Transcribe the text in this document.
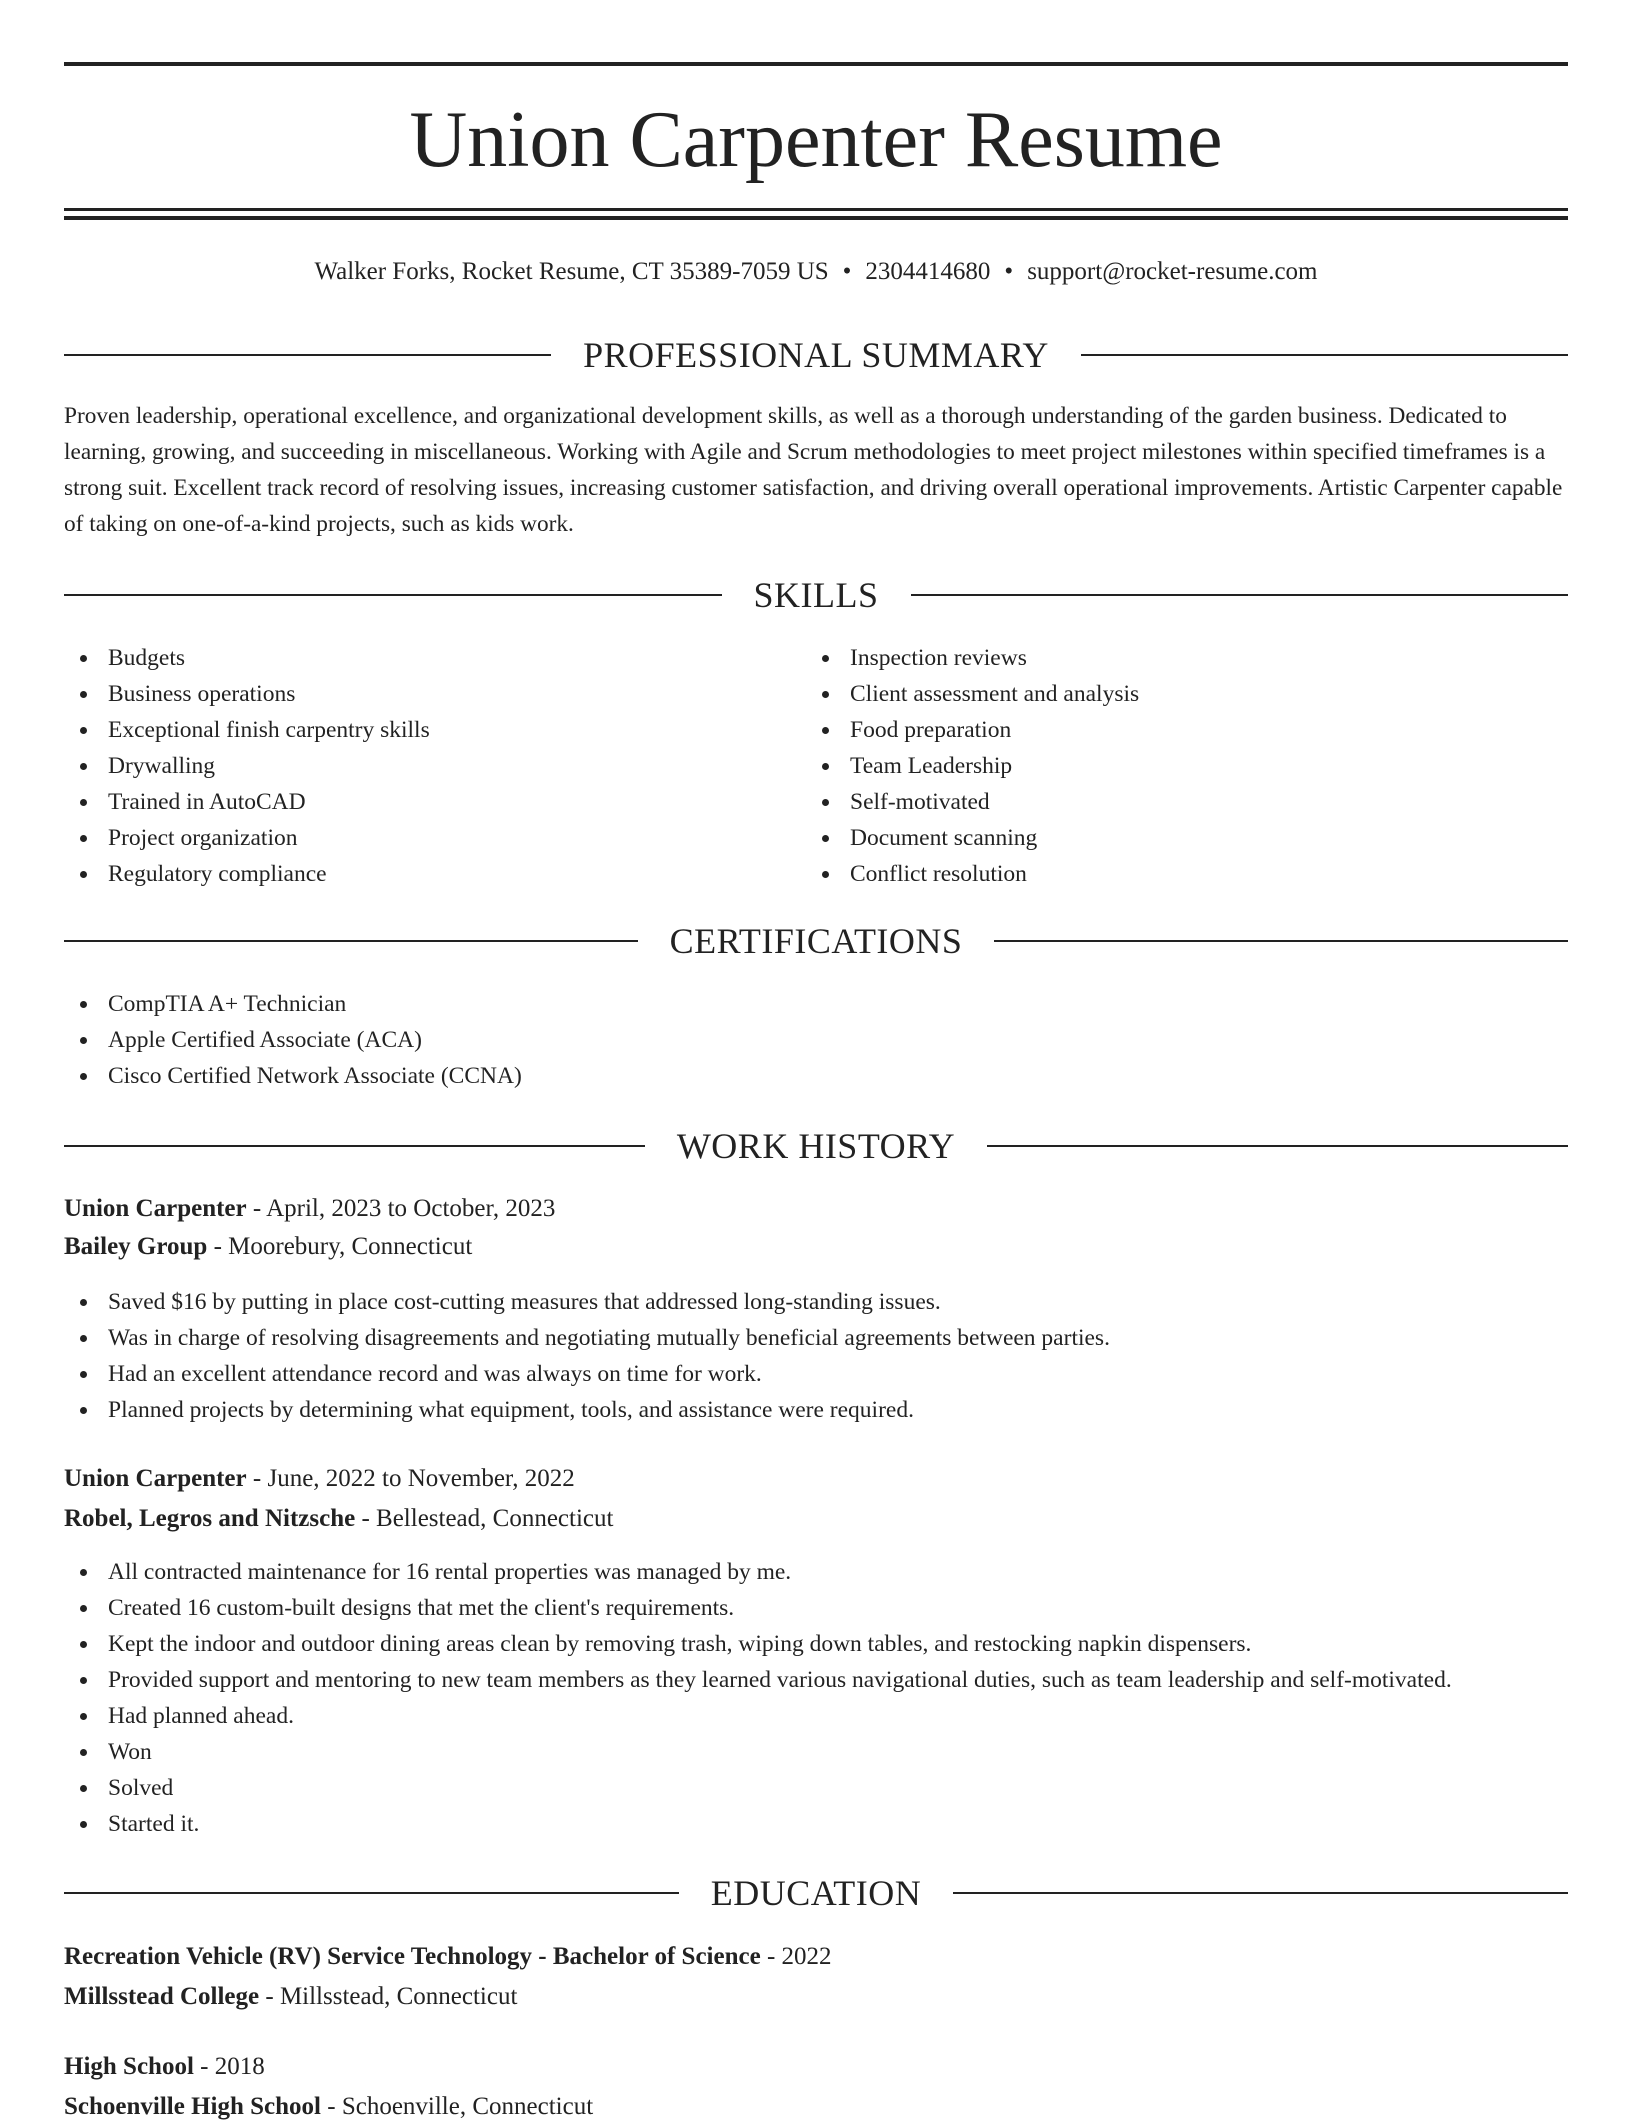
Union Carpenter Resume
Walker Forks, Rocket Resume, CT 35389-7059 US • 2304414680 • support@rocket-resume.com
PROFESSIONAL SUMMARY

Proven leadership, operational excellence, and organizational development skills, as well as a thorough understanding of the garden business. Dedicated to learning, growing, and succeeding in miscellaneous. Working with Agile and Scrum methodologies to meet project milestones within specified timeframes is a strong suit. Excellent track record of resolving issues, increasing customer satisfaction, and driving overall operational improvements. Artistic Carpenter capable of taking on one-of-a-kind projects, such as kids work.

SKILLS
Budgets
Business operations
Exceptional finish carpentry skills
Drywalling
Trained in AutoCAD
Project organization
Regulatory compliance
Inspection reviews
Client assessment and analysis
Food preparation
Team Leadership
Self-motivated
Document scanning
Conflict resolution
CERTIFICATIONS
CompTIA A+ Technician
Apple Certified Associate (ACA)
Cisco Certified Network Associate (CCNA)
WORK HISTORY
Union Carpenter - April, 2023 to October, 2023
Bailey Group - Moorebury, Connecticut
Saved $16 by putting in place cost-cutting measures that addressed long-standing issues.
Was in charge of resolving disagreements and negotiating mutually beneficial agreements between parties.
Had an excellent attendance record and was always on time for work.
Planned projects by determining what equipment, tools, and assistance were required.
Union Carpenter - June, 2022 to November, 2022
Robel, Legros and Nitzsche - Bellestead, Connecticut
All contracted maintenance for 16 rental properties was managed by me.
Created 16 custom-built designs that met the client's requirements.
Kept the indoor and outdoor dining areas clean by removing trash, wiping down tables, and restocking napkin dispensers.
Provided support and mentoring to new team members as they learned various navigational duties, such as team leadership and self-motivated.
Had planned ahead.
Won
Solved
Started it.
EDUCATION
Recreation Vehicle (RV) Service Technology - Bachelor of Science - 2022
Millsstead College - Millsstead, Connecticut
High School - 2018
Schoenville High School - Schoenville, Connecticut
